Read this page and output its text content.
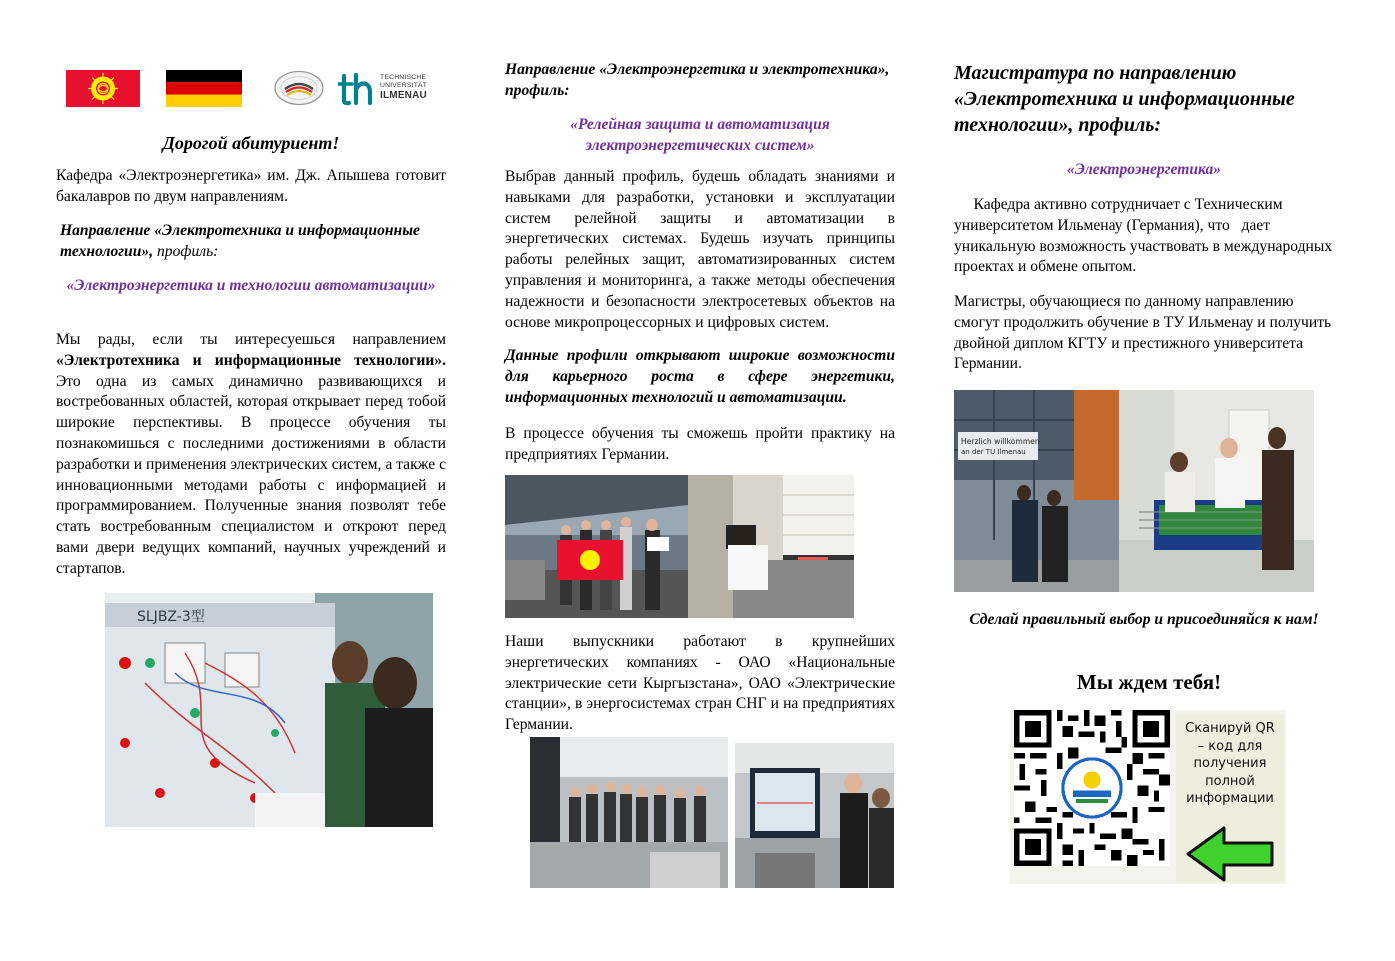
TECHNISCHE
UNIVERSITÄT
ILMENAU

Дорогой абитуриент!

Кафедра «Электроэнергетика» им. Дж. Апышева готовит бакалавров по двум направлениям.

Направление «Электротехника и информационные технологии», профиль:

«Электроэнергетика и технологии автоматизации»

Мы рады, если ты интересуешься направлением «Электротехника и информационные технологии». Это одна из самых динамично развивающихся и востребованных областей, которая открывает перед тобой широкие перспективы. В процессе обучения ты познакомишься с последними достижениями в области разработки и применения электрических систем, а также с инновационными методами работы с информацией и программированием. Полученные знания позволят тебе стать востребованным специалистом и откроют перед вами двери ведущих компаний, научных учреждений и стартапов.

SLJBZ-3型

Направление «Электроэнергетика и электротехника», профиль:

«Релейная защита и автоматизация электроэнергетических систем»

Выбрав данный профиль, будешь обладать знаниями и навыками для разработки, установки и эксплуатации систем релейной защиты и автоматизации в энергетических системах. Будешь изучать принципы работы релейных защит, автоматизированных систем управления и мониторинга, а также методы обеспечения надежности и безопасности электросетевых объектов на основе микропроцессорных и цифровых систем.

Данные профили открывают широкие возможности для карьерного роста в сфере энергетики, информационных технологий и автоматизации.

В процессе обучения ты сможешь пройти практику на предприятиях Германии.

Наши выпускники работают в крупнейших энергетических компаниях - ОАО «Национальные электрические сети Кыргызстана», ОАО «Электрические станции», в энергосистемах стран СНГ и на предприятиях Германии.

Магистратура по направлению «Электротехника и информационные технологии», профиль:

«Электроэнергетика»

Кафедра активно сотрудничает с Техническим университетом Ильменау (Германия), что   дает уникальную возможность участвовать в международных проектах и обмене опытом.

Магистры, обучающиеся по данному направлению смогут продолжить обучение в ТУ Ильменау и получить двойной диплом КГТУ и престижного университета Германии.

Herzlich willkommen
an der TU Ilmenau

Сделай правильный выбор и присоединяйся к нам!

Мы ждем тебя!

Сканируй QR – код для получения полной информации
